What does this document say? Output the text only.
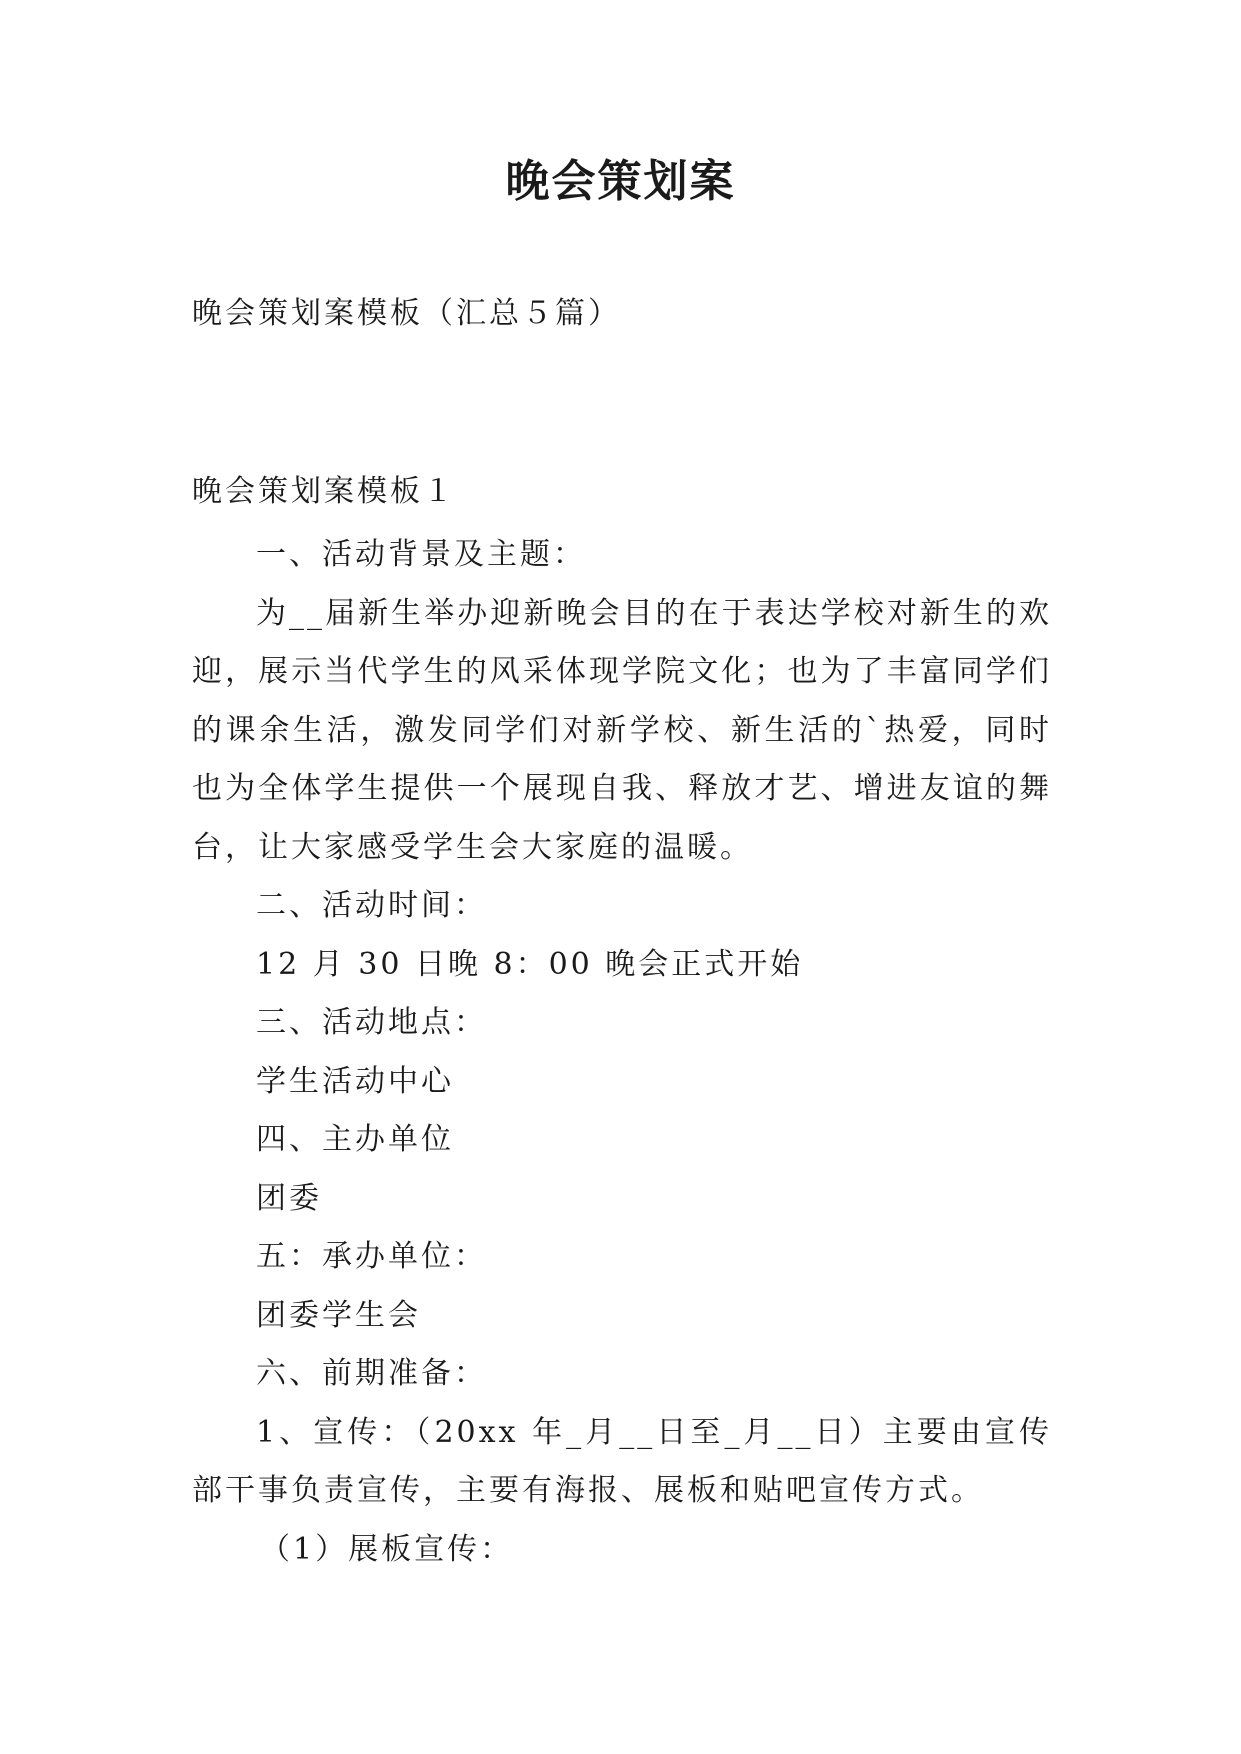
晚会策划案
晚会策划案模板（汇总５篇）
晚会策划案模板１

一、活动背景及主题：

为__届新生举办迎新晚会目的在于表达学校对新生的欢迎，展示当代学生的风采体现学院文化；也为了丰富同学们的课余生活，激发同学们对新学校、新生活的`热爱，同时也为全体学生提供一个展现自我、释放才艺、增进友谊的舞台，让大家感受学生会大家庭的温暖。

二、活动时间：

12 月 30 日晚 8：00 晚会正式开始

三、活动地点：

学生活动中心

四、主办单位

团委

五：承办单位：

团委学生会

六、前期准备：

1、宣传：（20xx 年_月__日至_月__日）主要由宣传部干事负责宣传，主要有海报、展板和贴吧宣传方式。

（1）展板宣传：
